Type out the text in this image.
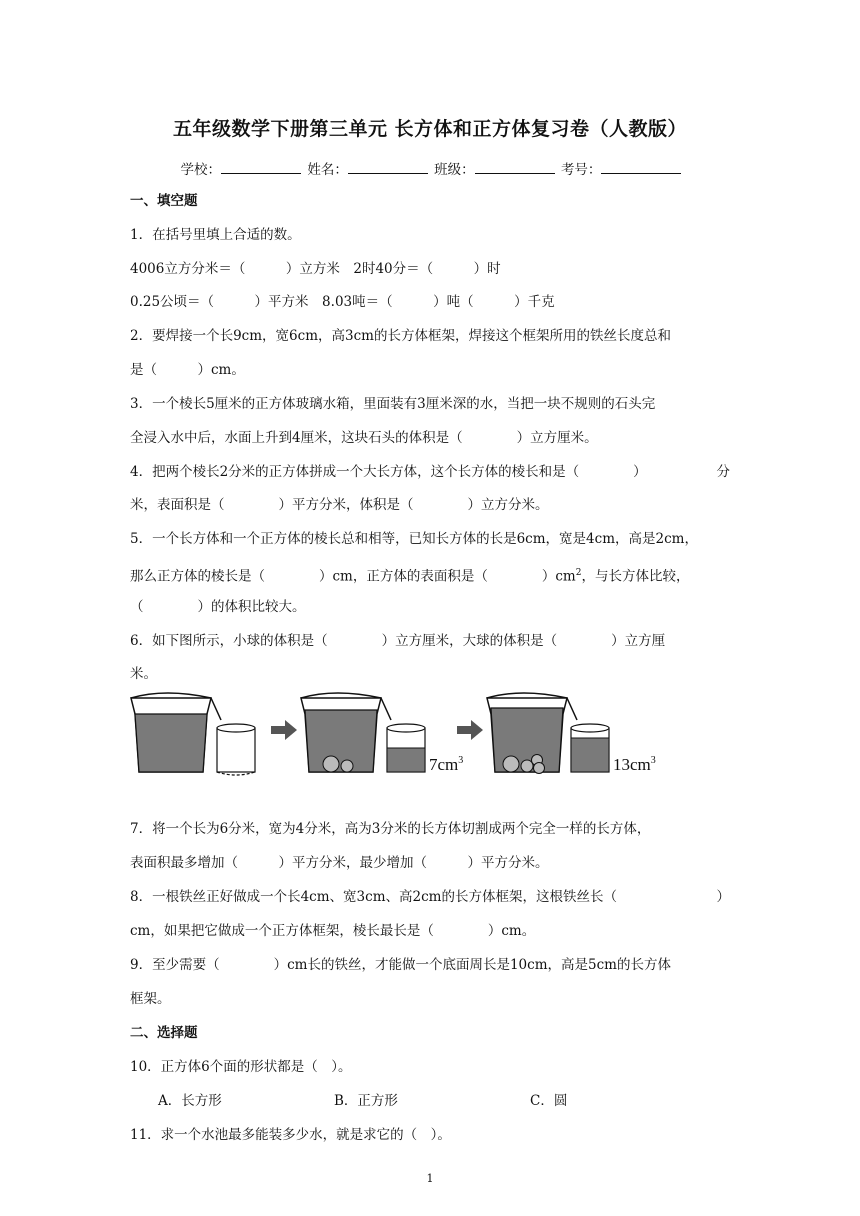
五年级数学下册第三单元 长方体和正方体复习卷（人教版）
学校：	姓名：	班级：	考号：
一、填空题
1．在括号里填上合适的数。
4006立方分米＝（　　　）立方米　2时40分＝（　　　）时
0.25公顷＝（　　　）平方米　8.03吨＝（　　　）吨（　　　）千克
2．要焊接一个长9cm，宽6cm，高3cm的长方体框架，焊接这个框架所用的铁丝长度总和
是（　　　）cm。
3．一个棱长5厘米的正方体玻璃水箱，里面装有3厘米深的水，当把一块不规则的石头完
全浸入水中后，水面上升到4厘米，这块石头的体积是（　　　　）立方厘米。
4．把两个棱长2分米的正方体拼成一个大长方体，这个长方体的棱长和是（　　　　）	分
米，表面积是（　　　　）平方分米，体积是（　　　　）立方分米。
5．一个长方体和一个正方体的棱长总和相等，已知长方体的长是6cm，宽是4cm，高是2cm，
那么正方体的棱长是（　　　　）cm，正方体的表面积是（　　　　）$cm^2$，与长方体比较，
（　　　　）的体积比较大。
6．如下图所示，小球的体积是（　　　　）立方厘米，大球的体积是（　　　　）立方厘
米。
$7cm^3$	$13cm^3$
7．将一个长为6分米，宽为4分米，高为3分米的长方体切割成两个完全一样的长方体，
表面积最多增加（　　　）平方分米，最少增加（　　　）平方分米。
8．一根铁丝正好做成一个长4cm、宽3cm、高2cm的长方体框架，这根铁丝长（　　　　	）
cm，如果把它做成一个正方体框架，棱长最长是（　　　　）cm。
9．至少需要（　　　　）cm长的铁丝，才能做一个底面周长是10cm，高是5cm的长方体
框架。
二、选择题
10．正方体6个面的形状都是（　）。
A．长方形	B．正方形	C．圆
11．求一个水池最多能装多少水，就是求它的（　）。
1
